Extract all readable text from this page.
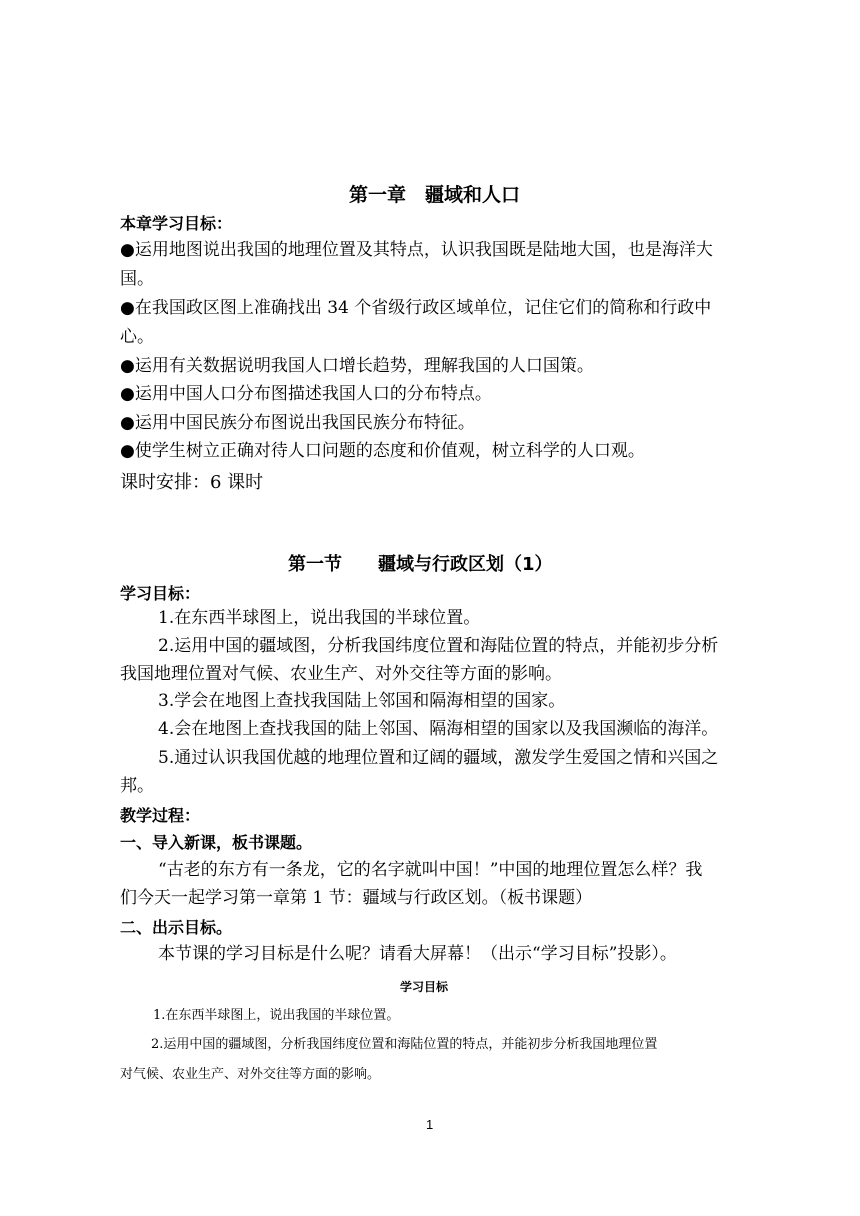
第一章　疆域和人口
本章学习目标：
●运用地图说出我国的地理位置及其特点，认识我国既是陆地大国，也是海洋大
国。
●在我国政区图上准确找出 34 个省级行政区域单位，记住它们的简称和行政中
心。
●运用有关数据说明我国人口增长趋势，理解我国的人口国策。
●运用中国人口分布图描述我国人口的分布特点。
●运用中国民族分布图说出我国民族分布特征。
●使学生树立正确对待人口问题的态度和价值观，树立科学的人口观。
课时安排：6 课时
第一节　　疆域与行政区划（1）
学习目标：
1.在东西半球图上，说出我国的半球位置。
2.运用中国的疆域图，分析我国纬度位置和海陆位置的特点，并能初步分析
我国地理位置对气候、农业生产、对外交往等方面的影响。
3.学会在地图上查找我国陆上邻国和隔海相望的国家。
4.会在地图上查找我国的陆上邻国、隔海相望的国家以及我国濒临的海洋。
5.通过认识我国优越的地理位置和辽阔的疆域，激发学生爱国之情和兴国之
邦。
教学过程：
一、导入新课，板书课题。
“古老的东方有一条龙，它的名字就叫中国！”中国的地理位置怎么样？我
们今天一起学习第一章第 1 节：疆域与行政区划。（板书课题）
二、出示目标。
本节课的学习目标是什么呢？请看大屏幕！（出示“学习目标”投影）。
学习目标
1.在东西半球图上，说出我国的半球位置。
2.运用中国的疆域图，分析我国纬度位置和海陆位置的特点，并能初步分析我国地理位置
对气候、农业生产、对外交往等方面的影响。
1
